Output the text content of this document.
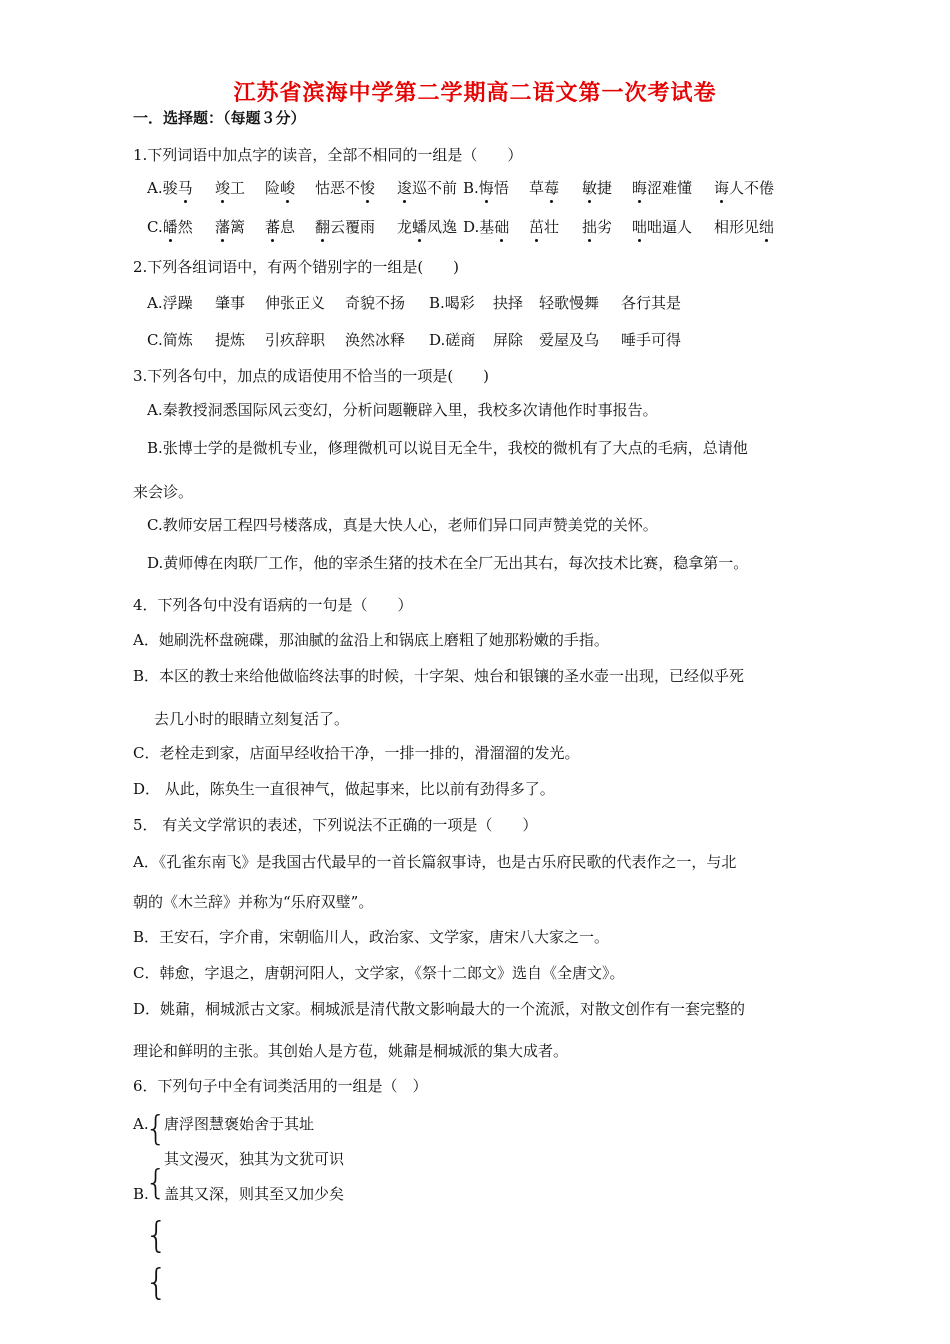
江苏省滨海中学第二学期高二语文第一次考试卷
一．选择题：（每题３分）
1.下列词语中加点字的读音，全部不相同的一组是（　　）
A.骏马	竣工	险峻	怙恶不悛	逡巡不前 B.悔悟	草莓	敏捷	晦涩难懂	诲人不倦
C.皤然	藩篱	蕃息	翻云覆雨	龙蟠凤逸 D.基础	茁壮	拙劣	咄咄逼人	相形见绌
2.下列各组词语中，有两个错别字的一组是(　　)
A.浮躁	肇事	伸张正义	奇貌不扬	B.喝彩	抉择	轻歌慢舞	各行其是
C.简炼	提炼	引疚辞职	涣然冰释	D.磋商	屏除	爱屋及乌	唾手可得
3.下列各句中，加点的成语使用不恰当的一项是(　　)
A.秦教授洞悉国际风云变幻，分析问题鞭辟入里，我校多次请他作时事报告。
B.张博士学的是微机专业，修理微机可以说目无全牛，我校的微机有了大点的毛病，总请他
来会诊。
C.教师安居工程四号楼落成，真是大快人心，老师们异口同声赞美党的关怀。
D.黄师傅在肉联厂工作，他的宰杀生猪的技术在全厂无出其右，每次技术比赛，稳拿第一。
4．下列各句中没有语病的一句是（　　）
A．她刷洗杯盘碗碟，那油腻的盆沿上和锅底上磨粗了她那粉嫩的手指。
B．本区的教士来给他做临终法事的时候，十字架、烛台和银镶的圣水壶一出现，已经似乎死
去几小时的眼睛立刻复活了。
C．老栓走到家，店面早经收拾干净，一排一排的，滑溜溜的发光。
D． 从此，陈奂生一直很神气，做起事来，比以前有劲得多了。
5． 有关文学常识的表述，下列说法不正确的一项是（　　）
A．《孔雀东南飞》是我国古代最早的一首长篇叙事诗，也是古乐府民歌的代表作之一，与北
朝的《木兰辞》并称为“乐府双璧”。
B．王安石，字介甫，宋朝临川人，政治家、文学家，唐宋八大家之一。
C．韩愈，字退之，唐朝河阳人，文学家，《祭十二郎文》选自《全唐文》。
D．姚鼐，桐城派古文家。桐城派是清代散文影响最大的一个流派，对散文创作有一套完整的
理论和鲜明的主张。其创始人是方苞，姚鼐是桐城派的集大成者。
6．下列句子中全有词类活用的一组是（　）
A.
{
唐浮图慧褒始舍于其址
其文漫灭，独其为文犹可识
B.
{
盖其又深，则其至又加少矣
{
{
